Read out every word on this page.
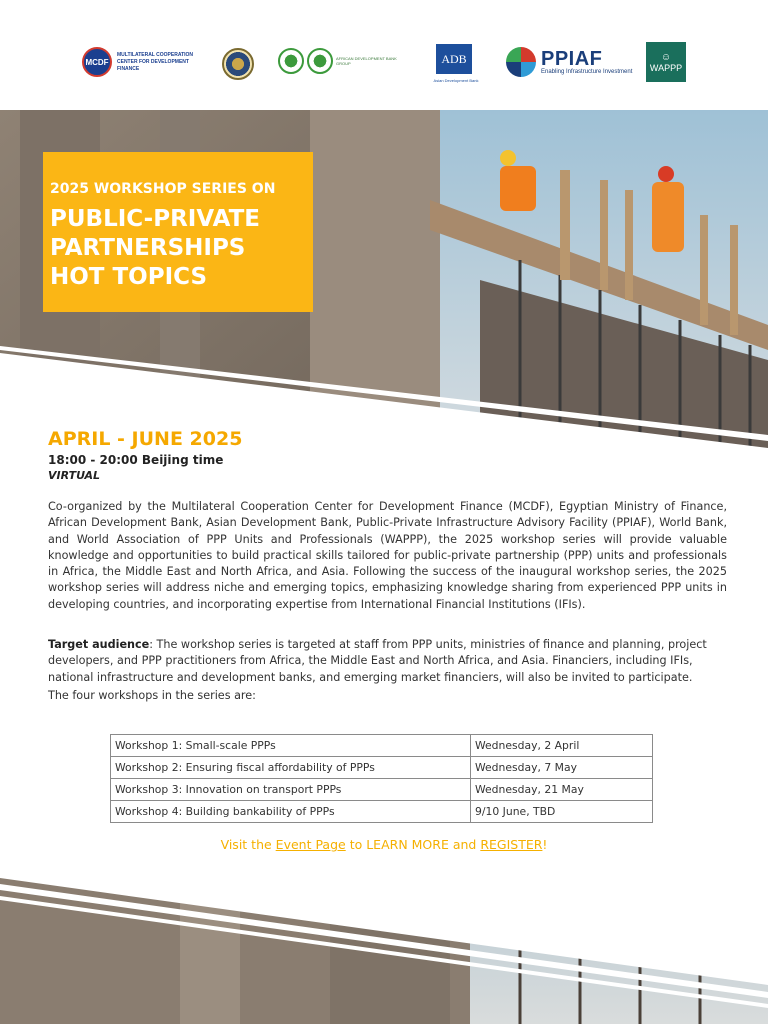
MCDF
MULTILATERAL COOPERATION CENTER FOR DEVELOPMENT FINANCE
AFRICAN DEVELOPMENT BANK GROUP	ADB
Asian Development Bank
PPIAF
Enabling Infrastructure Investment
☺
WAPPP
2025 WORKSHOP SERIES ON
PUBLIC-PRIVATE
PARTNERSHIPS
HOT TOPICS
APRIL - JUNE 2025
18:00 - 20:00 Beijing time
VIRTUAL

Co-organized by the Multilateral Cooperation Center for Development Finance (MCDF), Egyptian Ministry of Finance, African Development Bank, Asian Development Bank, Public-Private Infrastructure Advisory Facility (PPIAF), World Bank, and World Association of PPP Units and Professionals (WAPPP), the 2025 workshop series will provide valuable knowledge and opportunities to build practical skills tailored for public-private partnership (PPP) units and professionals in Africa, the Middle East and North Africa, and Asia. Following the success of the inaugural workshop series, the 2025 workshop series will address niche and emerging topics, emphasizing knowledge sharing from experienced PPP units in developing countries, and incorporating expertise from International Financial Institutions (IFIs).

Target audience: The workshop series is targeted at staff from PPP units, ministries of finance and planning, project developers, and PPP practitioners from Africa, the Middle East and North Africa, and Asia. Financiers, including IFIs, national infrastructure and development banks, and emerging market financiers, will also be invited to participate.

The four workshops in the series are:

Workshop 1: Small-scale PPPs	Wednesday, 2 April
Workshop 2: Ensuring fiscal affordability of PPPs	Wednesday, 7 May
Workshop 3: Innovation on transport PPPs	Wednesday, 21 May
Workshop 4: Building bankability of PPPs	9/10 June, TBD
Visit the Event Page to LEARN MORE and REGISTER!
